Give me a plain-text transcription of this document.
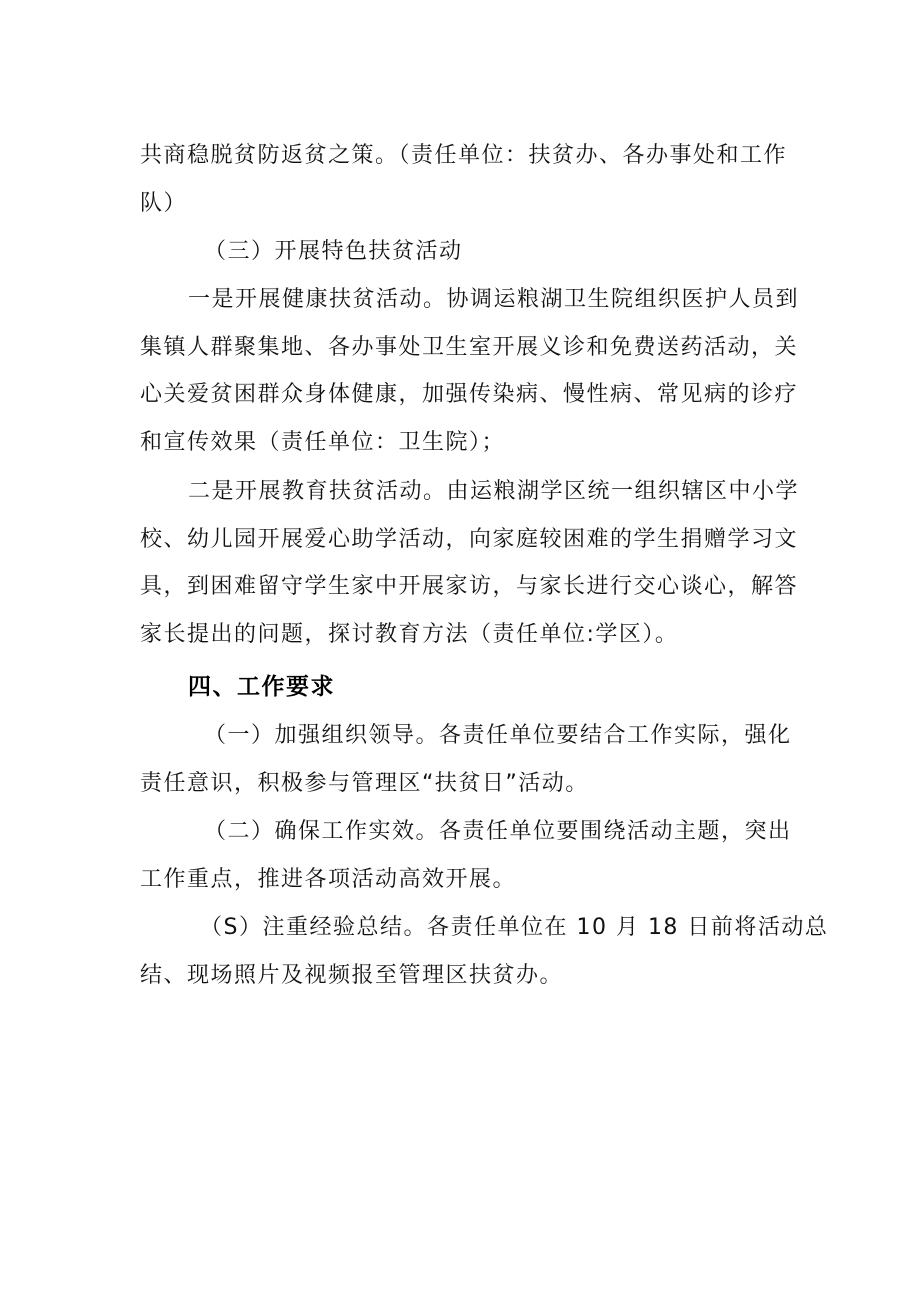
共商稳脱贫防返贫之策。（责任单位：扶贫办、各办事处和工作
队）
（三）开展特色扶贫活动
一是开展健康扶贫活动。协调运粮湖卫生院组织医护人员到
集镇人群聚集地、各办事处卫生室开展义诊和免费送药活动，关
心关爱贫困群众身体健康，加强传染病、慢性病、常见病的诊疗
和宣传效果（责任单位：卫生院）；
二是开展教育扶贫活动。由运粮湖学区统一组织辖区中小学
校、幼儿园开展爱心助学活动，向家庭较困难的学生捐赠学习文
具，到困难留守学生家中开展家访，与家长进行交心谈心，解答
家长提出的问题，探讨教育方法（责任单位:学区）。
四、工作要求
（一）加强组织领导。各责任单位要结合工作实际，强化
责任意识，积极参与管理区“扶贫日”活动。
（二）确保工作实效。各责任单位要围绕活动主题，突出
工作重点，推进各项活动高效开展。
（S）注重经验总结。各责任单位在 10 月 18 日前将活动总
结、现场照片及视频报至管理区扶贫办。
